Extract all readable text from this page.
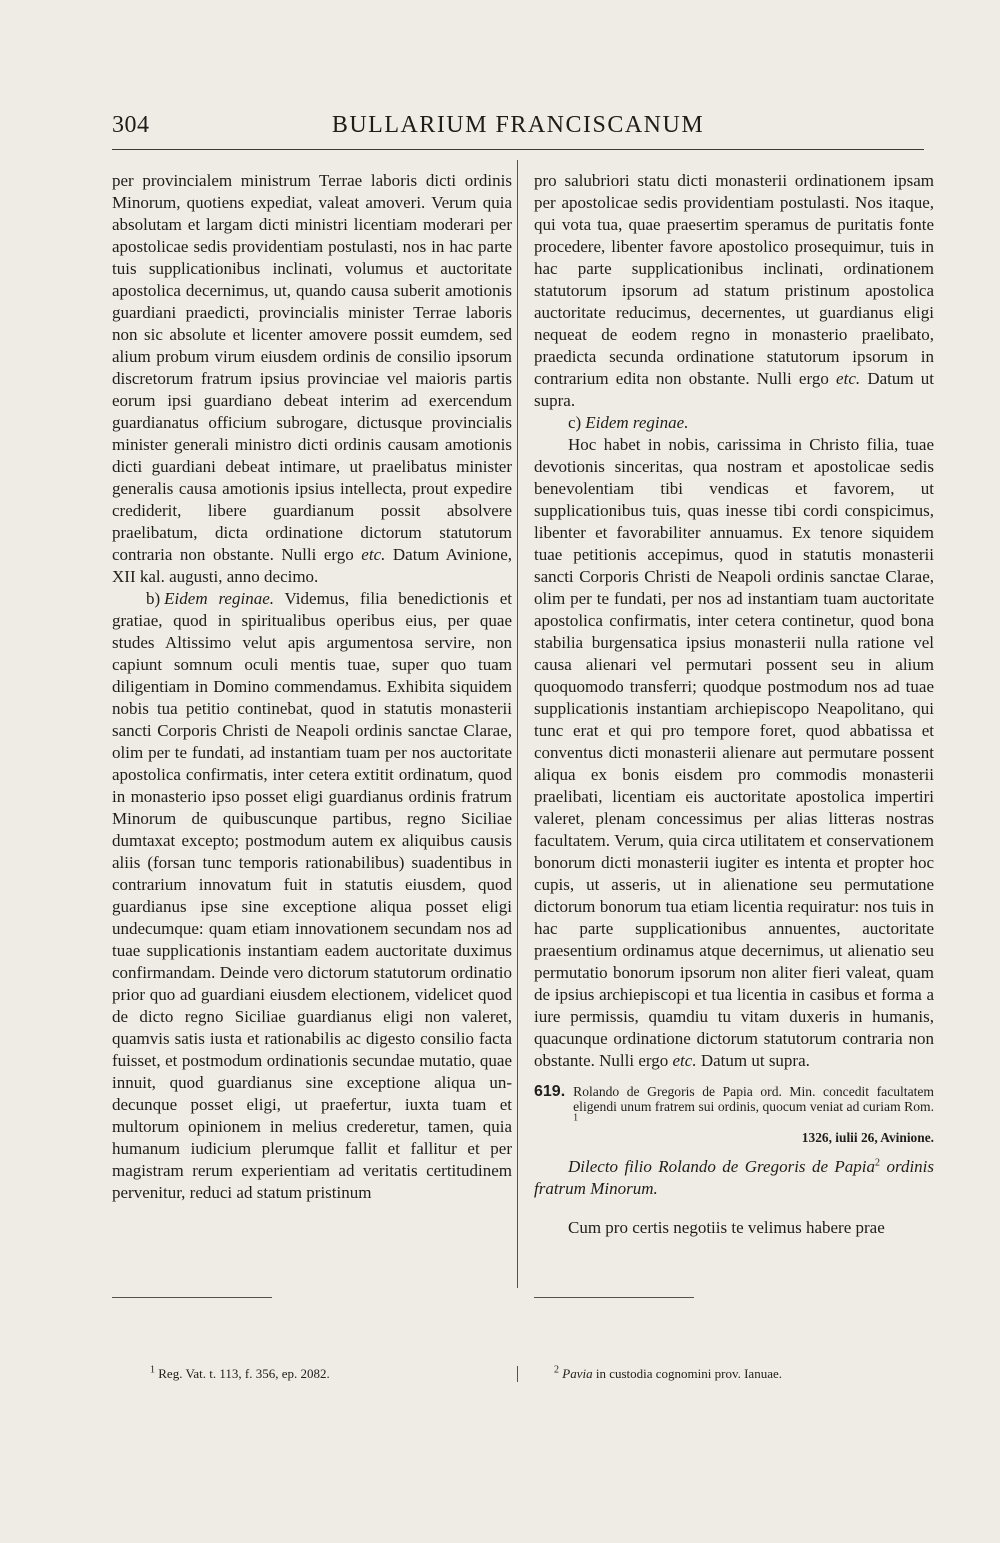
304	BULLARIUM FRANCISCANUM

per provincialem ministrum Terrae laboris dicti ordinis Minorum, quotiens expediat, valeat amoveri. Verum quia absolutam et largam dicti ministri licentiam moderari per apostolicae sedis providentiam postulasti, nos in hac parte tuis supplicationibus inclinati, volumus et auctoritate apostolica decernimus, ut, quando causa suberit amotionis guardiani praedicti, provincialis minister Terrae laboris non sic absolute et licenter amovere possit eumdem, sed alium probum virum eiusdem ordinis de consilio ipsorum discretorum fratrum ipsius provinciae vel maioris partis eorum ipsi guardiano debeat interim ad exercendum guardianatus officium subrogare, dictusque provincialis minister generali ministro dicti ordinis causam amotionis dicti guardiani debeat intimare, ut praelibatus minister generalis causa amotionis ipsius intellecta, prout expedire crediderit, libere guardianum possit absolvere praelibatum, dicta ordinatione dictorum statutorum contraria non obstante. Nulli ergo etc. Datum Avinione, XII kal. augusti, anno decimo.

b) Eidem reginae. Videmus, filia benedictionis et gratiae, quod in spiritualibus operibus eius, per quae studes Altissimo velut apis argumentosa servire, non capiunt somnum oculi mentis tuae, super quo tuam diligentiam in Domino commendamus. Exhibita siquidem nobis tua petitio continebat, quod in statutis monasterii sancti Corporis Christi de Neapoli ordinis sanctae Clarae, olim per te fundati, ad instantiam tuam per nos auctoritate apostolica confirmatis, inter cetera extitit ordinatum, quod in monasterio ipso posset eligi guardianus ordinis fratrum Minorum de quibuscunque partibus, regno Siciliae dumtaxat excepto; postmodum autem ex aliquibus causis aliis (forsan tunc temporis rationabilibus) suadentibus in contrarium innovatum fuit in statutis eiusdem, quod guardianus ipse sine exceptione aliqua posset eligi undecumque: quam etiam innovationem secundam nos ad tuae supplicationis instantiam eadem auctoritate duximus confirmandam. Deinde vero dictorum statutorum ordinatio prior quo ad guardiani eiusdem electionem, videlicet quod de dicto regno Siciliae guardianus eligi non valeret, quamvis satis iusta et rationabilis ac digesto consilio facta fuisset, et postmodum ordinationis secundae mutatio, quae innuit, quod guardianus sine exceptione aliqua undecunque posset eligi, ut praefertur, iuxta tuam et multorum opinionem in melius crederetur, tamen, quia humanum iudicium plerumque fallit et fallitur et per magistram rerum experientiam ad veritatis certitudinem pervenitur, reduci ad statum pristinum

pro salubriori statu dicti monasterii ordinationem ipsam per apostolicae sedis providentiam postulasti. Nos itaque, qui vota tua, quae praesertim speramus de puritatis fonte procedere, libenter favore apostolico prosequimur, tuis in hac parte supplicationibus inclinati, ordinationem statutorum ipsorum ad statum pristinum apostolica auctoritate reducimus, decernentes, ut guardianus eligi nequeat de eodem regno in monasterio praelibato, praedicta secunda ordinatione statutorum ipsorum in contrarium edita non obstante. Nulli ergo etc. Datum ut supra.

c) Eidem reginae.

Hoc habet in nobis, carissima in Christo filia, tuae devotionis sinceritas, qua nostram et apostolicae sedis benevolentiam tibi vendicas et favorem, ut supplicationibus tuis, quas inesse tibi cordi conspicimus, libenter et favorabiliter annuamus. Ex tenore siquidem tuae petitionis accepimus, quod in statutis monasterii sancti Corporis Christi de Neapoli ordinis sanctae Clarae, olim per te fundati, per nos ad instantiam tuam auctoritate apostolica confirmatis, inter cetera continetur, quod bona stabilia burgensatica ipsius monasterii nulla ratione vel causa alienari vel permutari possent seu in alium quoquomodo transferri; quodque postmodum nos ad tuae supplicationis instantiam archiepiscopo Neapolitano, qui tunc erat et qui pro tempore foret, quod abbatissa et conventus dicti monasterii alienare aut permutare possent aliqua ex bonis eisdem pro commodis monasterii praelibati, licentiam eis auctoritate apostolica impertiri valeret, plenam concessimus per alias litteras nostras facultatem. Verum, quia circa utilitatem et conservationem bonorum dicti monasterii iugiter es intenta et propter hoc cupis, ut asseris, ut in alienatione seu permutatione dictorum bonorum tua etiam licentia requiratur: nos tuis in hac parte supplicationibus annuentes, auctoritate praesentium ordinamus atque decernimus, ut alienatio seu permutatio bonorum ipsorum non aliter fieri valeat, quam de ipsius archiepiscopi et tua licentia in casibus et forma a iure permissis, quamdiu tu vitam duxeris in humanis, quacunque ordinatione dictorum statutorum contraria non obstante. Nulli ergo etc. Datum ut supra.

619. Rolando de Gregoris de Papia ord. Min. concedit facultatem eligendi unum fratrem sui ordinis, quocum veniat ad curiam Rom. $^1$
1326, iulii 26, Avinione.

Dilecto filio Rolando de Gregoris de Papia$^2$ ordinis fratrum Minorum.

Cum pro certis negotiis te velimus habere prae

$^1$ Reg. Vat. t. 113, f. 356, ep. 2082.	$^2$ Pavia in custodia cognomini prov. Ianuae.
